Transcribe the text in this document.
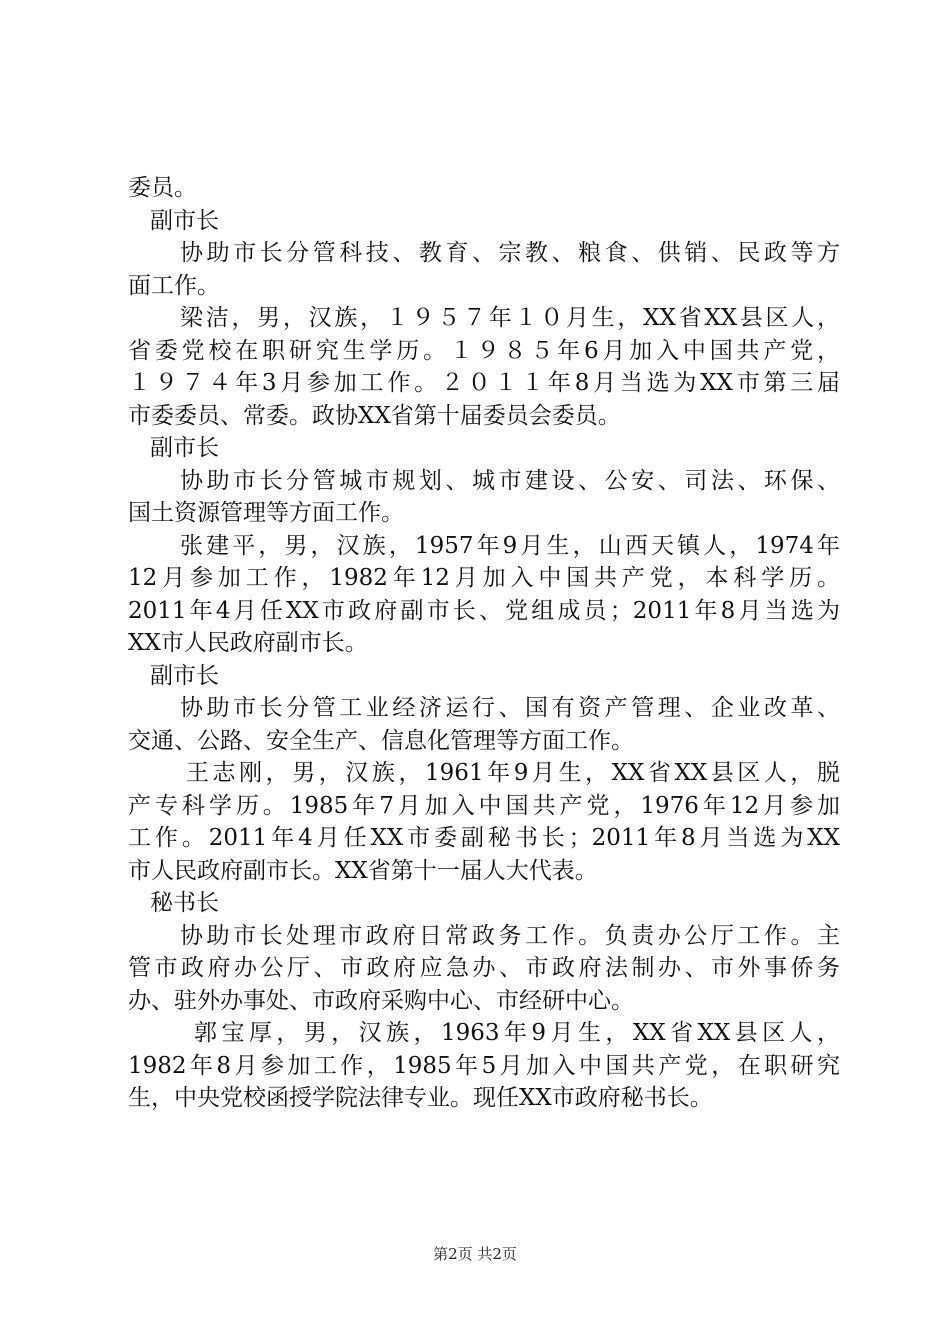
委员。

副市长

协助市长分管科技、教育、宗教、粮食、供销、民政等方

面工作。

梁洁，男，汉族，１９５７年１０月生，XX省XX县区人，

省委党校在职研究生学历。１９８５年6月加入中国共产党，

１９７４年3月参加工作。２０１１年8月当选为XX市第三届

市委委员、常委。政协XX省第十届委员会委员。

副市长

协助市长分管城市规划、城市建设、公安、司法、环保、

国土资源管理等方面工作。

张建平，男，汉族，1957年9月生，山西天镇人，1974年

12月参加工作，1982年12月加入中国共产党，本科学历。

2011年4月任XX市政府副市长、党组成员；2011年8月当选为

XX市人民政府副市长。

副市长

协助市长分管工业经济运行、国有资产管理、企业改革、

交通、公路、安全生产、信息化管理等方面工作。

王志刚，男，汉族，1961年9月生，XX省XX县区人，脱

产专科学历。1985年7月加入中国共产党，1976年12月参加

工作。2011年4月任XX市委副秘书长；2011年8月当选为XX

市人民政府副市长。XX省第十一届人大代表。

秘书长

协助市长处理市政府日常政务工作。负责办公厅工作。主

管市政府办公厅、市政府应急办、市政府法制办、市外事侨务

办、驻外办事处、市政府采购中心、市经研中心。

郭宝厚，男，汉族，1963年9月生，XX省XX县区人，

1982年8月参加工作，1985年5月加入中国共产党，在职研究

生，中央党校函授学院法律专业。现任XX市政府秘书长。

第2页 共2页
